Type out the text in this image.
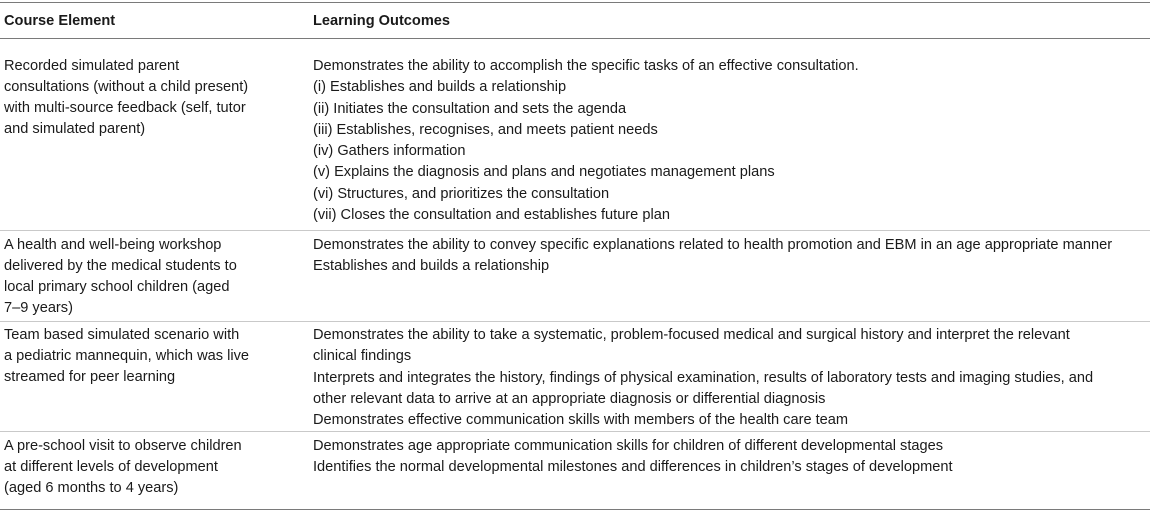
Course Element	Learning Outcomes
Recorded simulated parent
consultations (without a child present)
with multi-source feedback (self, tutor
and simulated parent)
Demonstrates the ability to accomplish the specific tasks of an effective consultation.
(i) Establishes and builds a relationship
(ii) Initiates the consultation and sets the agenda
(iii) Establishes, recognises, and meets patient needs
(iv) Gathers information
(v) Explains the diagnosis and plans and negotiates management plans
(vi) Structures, and prioritizes the consultation
(vii) Closes the consultation and establishes future plan
A health and well-being workshop
delivered by the medical students to
local primary school children (aged
7–9 years)
Demonstrates the ability to convey specific explanations related to health promotion and EBM in an age appropriate manner
Establishes and builds a relationship
Team based simulated scenario with
a pediatric mannequin, which was live
streamed for peer learning
Demonstrates the ability to take a systematic, problem-focused medical and surgical history and interpret the relevant
clinical findings
Interprets and integrates the history, findings of physical examination, results of laboratory tests and imaging studies, and
other relevant data to arrive at an appropriate diagnosis or differential diagnosis
Demonstrates effective communication skills with members of the health care team
A pre-school visit to observe children
at different levels of development
(aged 6 months to 4 years)
Demonstrates age appropriate communication skills for children of different developmental stages
Identifies the normal developmental milestones and differences in children’s stages of development
